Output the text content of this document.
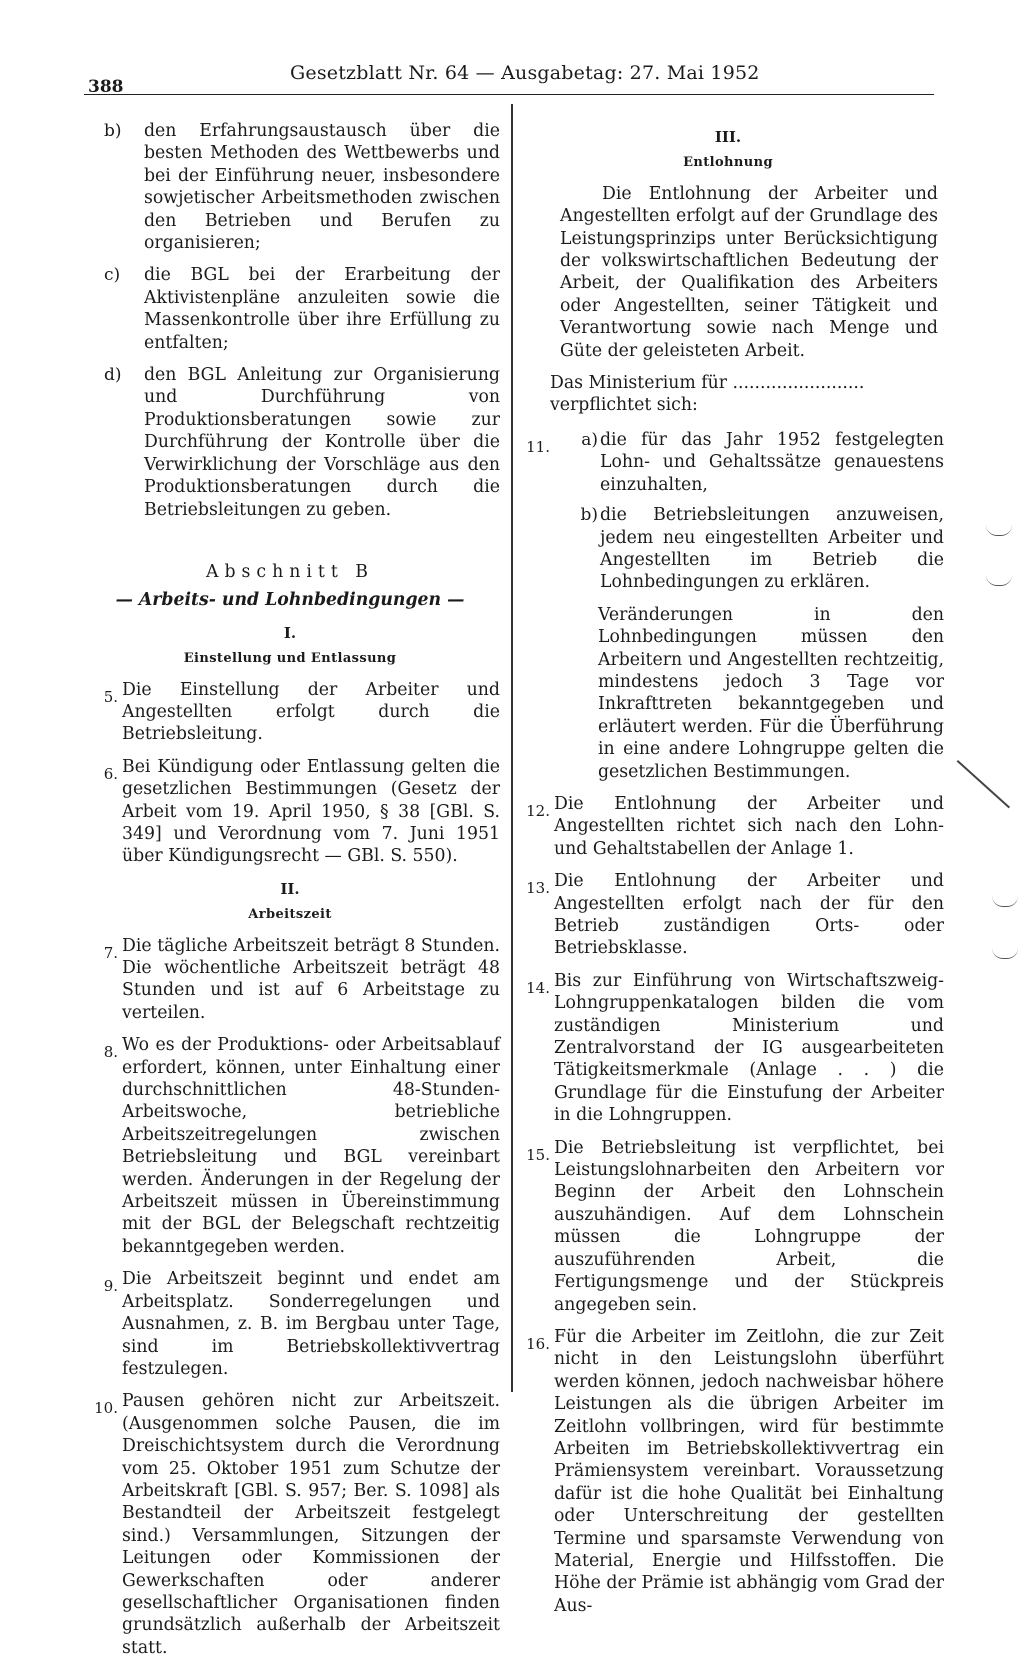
388
Gesetzblatt Nr. 64 — Ausgabetag: 27. Mai 1952
b) den Erfahrungsaustausch über die besten Methoden des Wettbewerbs und bei der Einführung neuer, insbesondere sowjetischer Arbeitsmethoden zwischen den Betrieben und Berufen zu organisieren;
c) die BGL bei der Erarbeitung der Aktivistenpläne anzuleiten sowie die Massenkontrolle über ihre Erfüllung zu entfalten;
d) den BGL Anleitung zur Organisierung und Durchführung von Produktionsberatungen sowie zur Durchführung der Kontrolle über die Verwirklichung der Vorschläge aus den Produktionsberatungen durch die Betriebsleitungen zu geben.
Abschnitt B
— Arbeits- und Lohnbedingungen —
I.
Einstellung und Entlassung
5. Die Einstellung der Arbeiter und Angestellten erfolgt durch die Betriebsleitung.
6. Bei Kündigung oder Entlassung gelten die gesetzlichen Bestimmungen (Gesetz der Arbeit vom 19. April 1950, § 38 [GBl. S. 349] und Verordnung vom 7. Juni 1951 über Kündigungsrecht — GBl. S. 550).
II.
Arbeitszeit
7. Die tägliche Arbeitszeit beträgt 8 Stunden. Die wöchentliche Arbeitszeit beträgt 48 Stunden und ist auf 6 Arbeitstage zu verteilen.
8. Wo es der Produktions- oder Arbeitsablauf erfordert, können, unter Einhaltung einer durchschnittlichen 48-Stunden-Arbeitswoche, betriebliche Arbeitszeitregelungen zwischen Betriebsleitung und BGL vereinbart werden. Änderungen in der Regelung der Arbeitszeit müssen in Übereinstimmung mit der BGL der Belegschaft rechtzeitig bekanntgegeben werden.
9. Die Arbeitszeit beginnt und endet am Arbeitsplatz. Sonderregelungen und Ausnahmen, z. B. im Bergbau unter Tage, sind im Betriebskollektivvertrag festzulegen.
10. Pausen gehören nicht zur Arbeitszeit. (Ausgenommen solche Pausen, die im Dreischichtsystem durch die Verordnung vom 25. Oktober 1951 zum Schutze der Arbeitskraft [GBl. S. 957; Ber. S. 1098] als Bestandteil der Arbeitszeit festgelegt sind.) Versammlungen, Sitzungen der Leitungen oder Kommissionen der Gewerkschaften oder anderer gesellschaftlicher Organisationen finden grundsätzlich außerhalb der Arbeitszeit statt.
III.
Entlohnung
Die Entlohnung der Arbeiter und Angestellten erfolgt auf der Grundlage des Leistungsprinzips unter Berücksichtigung der volkswirtschaftlichen Bedeutung der Arbeit, der Qualifikation des Arbeiters oder Angestellten, seiner Tätigkeit und Verantwortung sowie nach Menge und Güte der geleisteten Arbeit.
Das Ministerium für ........................
verpflichtet sich:
11.	a) die für das Jahr 1952 festgelegten Lohn- und Gehaltssätze genauestens einzuhalten,
b) die Betriebsleitungen anzuweisen, jedem neu eingestellten Arbeiter und Angestellten im Betrieb die Lohnbedingungen zu erklären.
Veränderungen in den Lohnbedingungen müssen den Arbeitern und Angestellten rechtzeitig, mindestens jedoch 3 Tage vor Inkrafttreten bekanntgegeben und erläutert werden. Für die Überführung in eine andere Lohngruppe gelten die gesetzlichen Bestimmungen.
12. Die Entlohnung der Arbeiter und Angestellten richtet sich nach den Lohn- und Gehaltstabellen der Anlage 1.
13. Die Entlohnung der Arbeiter und Angestellten erfolgt nach der für den Betrieb zuständigen Orts- oder Betriebsklasse.
14. Bis zur Einführung von Wirtschaftszweig-Lohngruppenkatalogen bilden die vom zuständigen Ministerium und Zentralvorstand der IG ausgearbeiteten Tätigkeitsmerkmale (Anlage . . ) die Grundlage für die Einstufung der Arbeiter in die Lohngruppen.
15. Die Betriebsleitung ist verpflichtet, bei Leistungslohnarbeiten den Arbeitern vor Beginn der Arbeit den Lohnschein auszuhändigen. Auf dem Lohnschein müssen die Lohngruppe der auszuführenden Arbeit, die Fertigungsmenge und der Stückpreis angegeben sein.
16. Für die Arbeiter im Zeitlohn, die zur Zeit nicht in den Leistungslohn überführt werden können, jedoch nachweisbar höhere Leistungen als die übrigen Arbeiter im Zeitlohn vollbringen, wird für bestimmte Arbeiten im Betriebskollektivvertrag ein Prämiensystem vereinbart. Voraussetzung dafür ist die hohe Qualität bei Einhaltung oder Unterschreitung der gestellten Termine und sparsamste Verwendung von Material, Energie und Hilfsstoffen. Die Höhe der Prämie ist abhängig vom Grad der Aus-
